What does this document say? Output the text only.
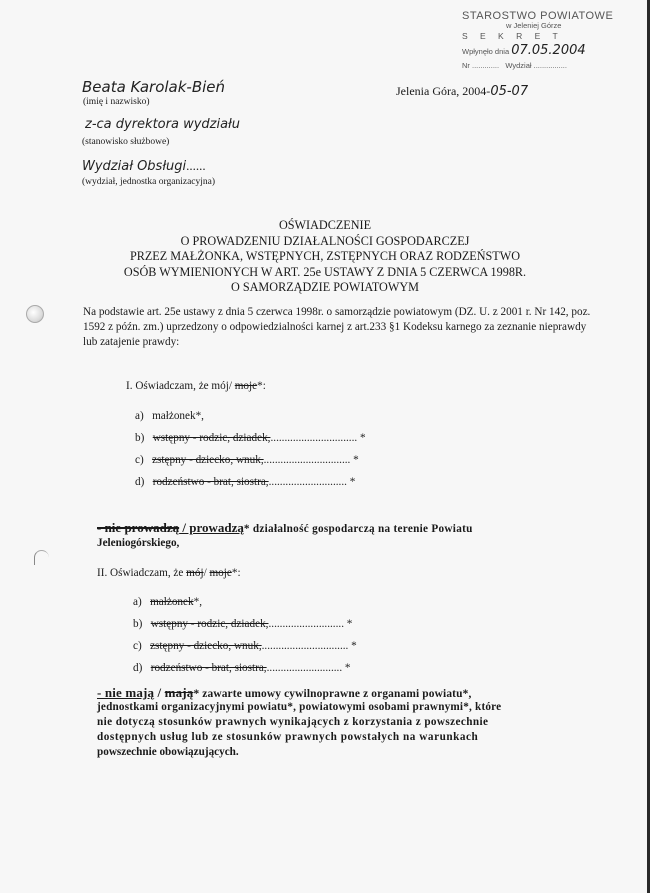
STAROSTWO POWIATOWE
w Jeleniej Górze
S E K R E T
Wpłynęło dnia 07.05.2004
Nr ............. Wydział ................
Beata Karolak-Bień
(imię i nazwisko)
Jelenia Góra, 2004-05-07
z-ca dyrektora wydziału
(stanowisko służbowe)
Wydział Obsługi......
(wydział, jednostka organizacyjna)
OŚWIADCZENIE
O PROWADZENIU DZIAŁALNOŚCI GOSPODARCZEJ
PRZEZ MAŁŻONKA, WSTĘPNYCH, ZSTĘPNYCH ORAZ RODZEŃSTWO
OSÓB WYMIENIONYCH W ART. 25e USTAWY Z DNIA 5 CZERWCA 1998R.
O SAMORZĄDZIE POWIATOWYM
Na podstawie art. 25e ustawy z dnia 5 czerwca 1998r. o samorządzie powiatowym (DZ. U. z 2001 r. Nr 142, poz. 1592 z późn. zm.) uprzedzony o odpowiedzialności karnej z art.233 §1 Kodeksu karnego za zeznanie nieprawdy lub zatajenie prawdy:
I. Oświadczam, że mój/ moje*:
a) małżonek*,
b) wstępny - rodzic, dziadek,............................... *
c) zstępny - dziecko, wnuk,............................... *
d) rodzeństwo - brat, siostra,............................ *
- nie prowadzą / prowadzą* działalność gospodarczą na terenie Powiatu
Jeleniogórskiego,
II. Oświadczam, że mój/ moje*:
a) małżonek*,
b) wstępny - rodzic, dziadek,........................... *
c) zstępny - dziecko, wnuk,............................... *
d) rodzeństwo - brat, siostra,........................... *
- nie mają / mają* zawarte umowy cywilnoprawne z organami powiatu*,
jednostkami organizacyjnymi powiatu*, powiatowymi osobami prawnymi*, które
nie dotyczą stosunków prawnych wynikających z korzystania z powszechnie
dostępnych usług lub ze stosunków prawnych powstałych na warunkach
powszechnie obowiązujących.
